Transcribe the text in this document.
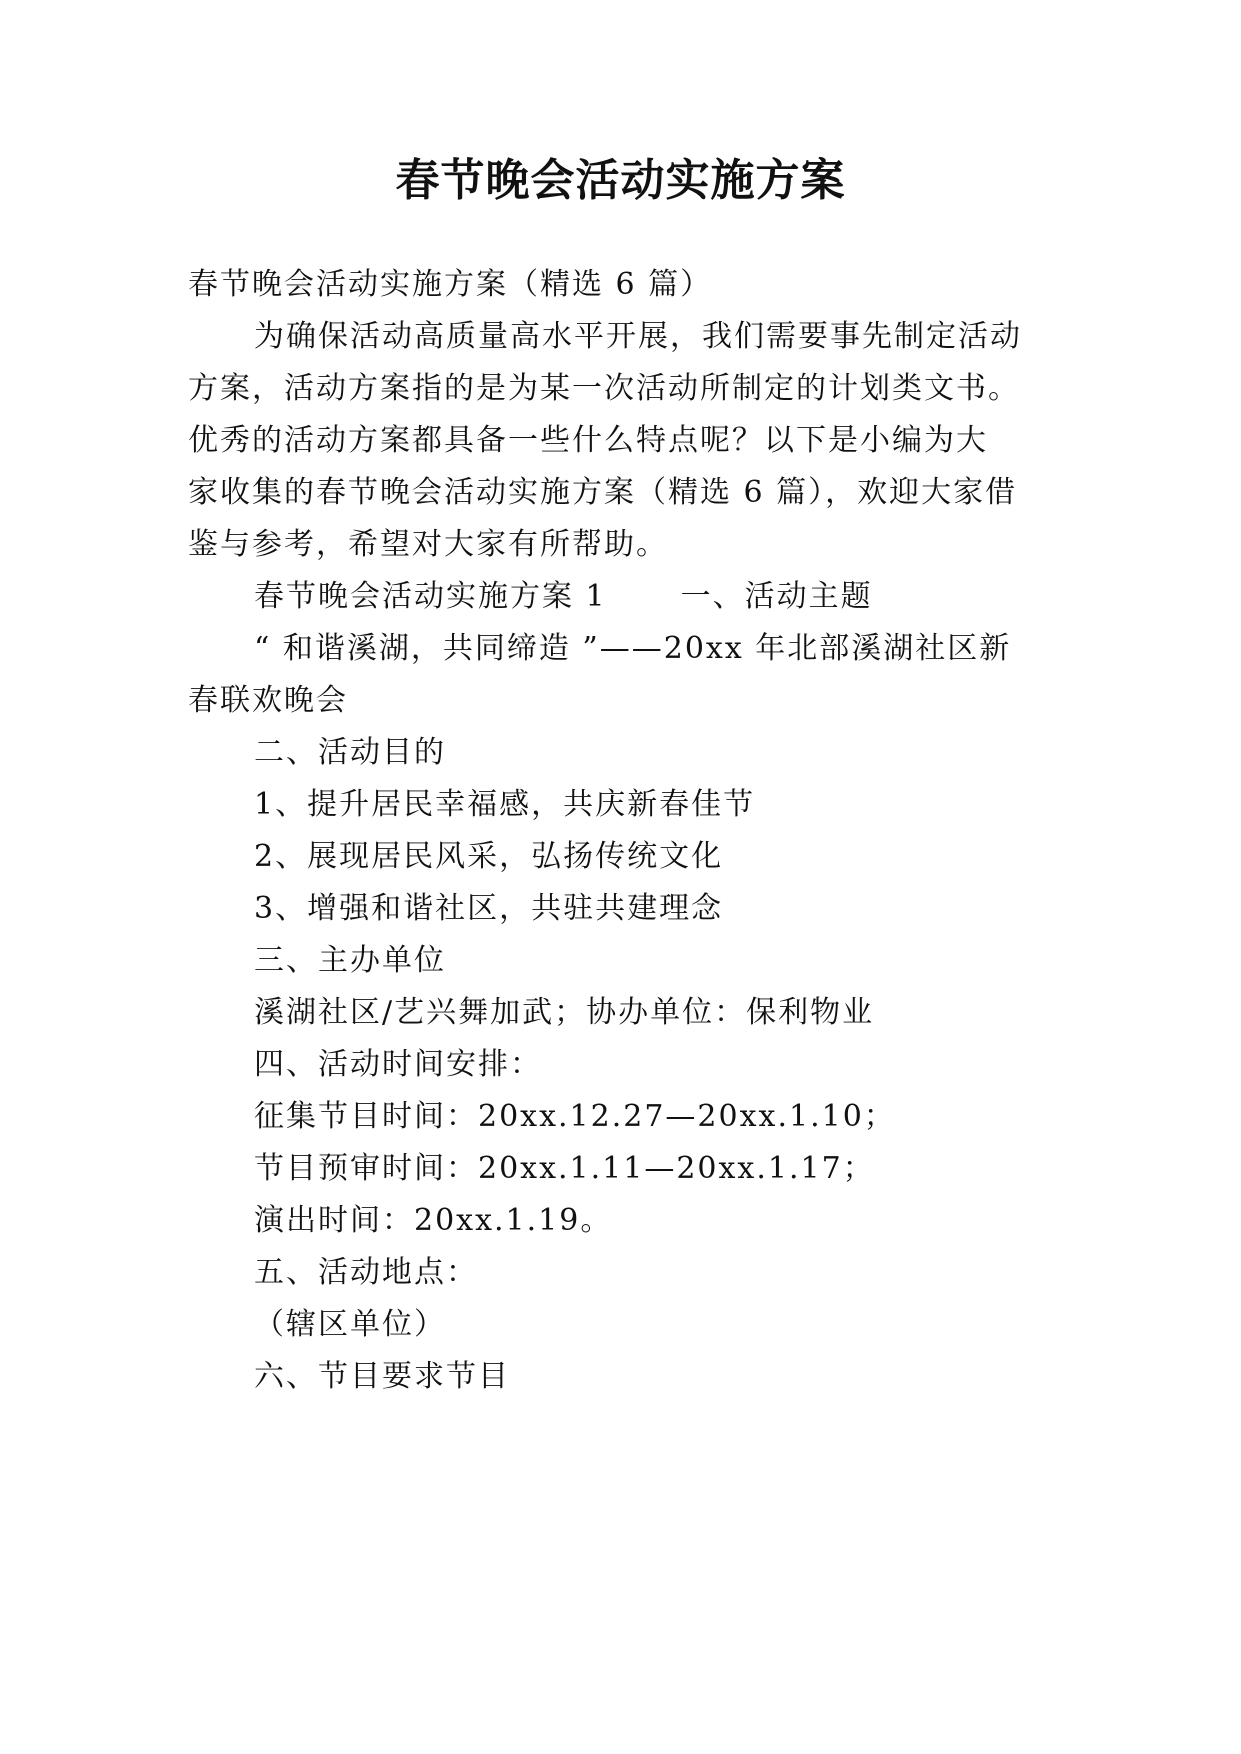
春节晚会活动实施方案

春节晚会活动实施方案（精选 6 篇）

为确保活动高质量高水平开展，我们需要事先制定活动

方案，活动方案指的是为某一次活动所制定的计划类文书。

优秀的活动方案都具备一些什么特点呢？以下是小编为大

家收集的春节晚会活动实施方案（精选 6 篇），欢迎大家借

鉴与参考，希望对大家有所帮助。

春节晚会活动实施方案 1 一、活动主题

“ 和谐溪湖，共同缔造 ”——20xx 年北部溪湖社区新

春联欢晚会

二、活动目的

1、提升居民幸福感，共庆新春佳节

2、展现居民风采，弘扬传统文化

3、增强和谐社区，共驻共建理念

三、主办单位

溪湖社区/艺兴舞加武；协办单位：保利物业

四、活动时间安排：

征集节目时间：20xx.12.27—20xx.1.10；

节目预审时间：20xx.1.11—20xx.1.17；

演出时间：20xx.1.19。

五、活动地点：

（辖区单位）

六、节目要求节目
